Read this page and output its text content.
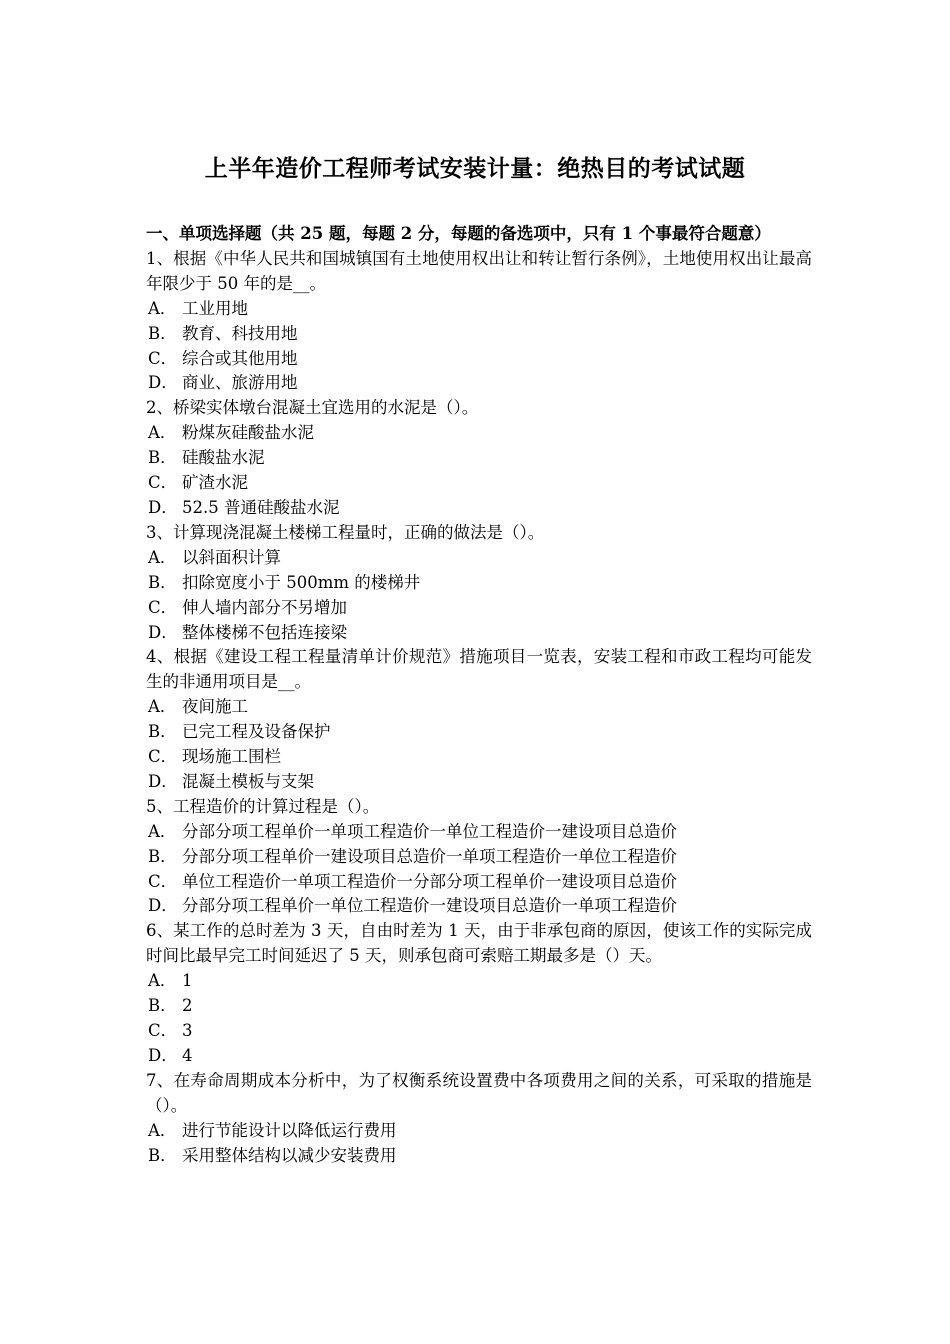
上半年造价工程师考试安装计量：绝热目的考试试题
一、单项选择题（共 25 题，每题 2 分，每题的备选项中，只有 1 个事最符合题意）

1、根据《中华人民共和国城镇国有土地使用权出让和转让暂行条例》，土地使用权出让最高年限少于 50 年的是__。

A． 工业用地

B． 教育、科技用地

C． 综合或其他用地

D． 商业、旅游用地

2、桥梁实体墩台混凝土宜选用的水泥是（）。

A． 粉煤灰硅酸盐水泥

B． 硅酸盐水泥

C． 矿渣水泥

D． 52.5 普通硅酸盐水泥

3、计算现浇混凝土楼梯工程量时，正确的做法是（）。

A． 以斜面积计算

B． 扣除宽度小于 500mm 的楼梯井

C． 伸人墙内部分不另增加

D． 整体楼梯不包括连接梁

4、根据《建设工程工程量清单计价规范》措施项目一览表，安装工程和市政工程均可能发生的非通用项目是__。

A． 夜间施工

B． 已完工程及设备保护

C． 现场施工围栏

D． 混凝土模板与支架

5、工程造价的计算过程是（）。

A． 分部分项工程单价一单项工程造价一单位工程造价一建设项目总造价

B． 分部分项工程单价一建设项目总造价一单项工程造价一单位工程造价

C． 单位工程造价一单项工程造价一分部分项工程单价一建设项目总造价

D． 分部分项工程单价一单位工程造价一建设项目总造价一单项工程造价

6、某工作的总时差为 3 天，自由时差为 1 天，由于非承包商的原因，使该工作的实际完成时间比最早完工时间延迟了 5 天，则承包商可索赔工期最多是（）天。

A． 1

B． 2

C． 3

D． 4

7、在寿命周期成本分析中，为了权衡系统设置费中各项费用之间的关系，可采取的措施是（）。

A． 进行节能设计以降低运行费用

B． 采用整体结构以减少安装费用
